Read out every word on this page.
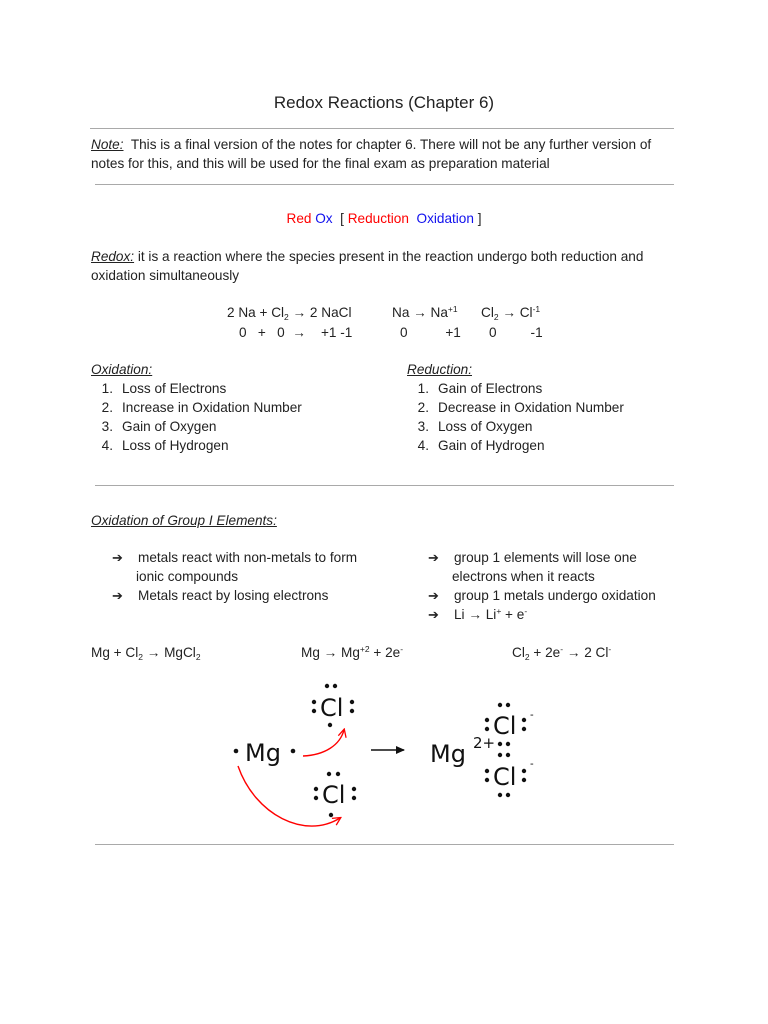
Redox Reactions (Chapter 6)
Note: This is a final version of the notes for chapter 6. There will not be any further version of
notes for this, and this will be used for the final exam as preparation material
Red Ox [ Reduction Oxidation ]
Redox: it is a reaction where the species present in the reaction undergo both reduction and
oxidation simultaneously
2 $Na + Cl_2 \to 2$ NaCl
0   +   0  →    +1 -1
$Na \to Na^{+1}$
0          +1
$Cl_2 \to Cl^{-1}$
0         -1
Oxidation:
1. Loss of Electrons
2. Increase in Oxidation Number
3. Gain of Oxygen
4. Loss of Hydrogen
Reduction:
1. Gain of Electrons
2. Decrease in Oxidation Number
3. Loss of Oxygen
4. Gain of Hydrogen
Oxidation of Group I Elements:
➔ metals react with non-metals to form
ionic compounds
➔ Metals react by losing electrons
➔ group 1 elements will lose one
electrons when it reacts
➔ group 1 metals undergo oxidation
➔ Li → Li+ + e-
$Mg + Cl_2$ → MgCl$_2$	$Mg \to Mg^{+2} + 2e^-$	$Cl_2 + 2e^- \to 2$ Cl-
Mg
Cl
Cl
Mg 2+
Cl -
Cl -
